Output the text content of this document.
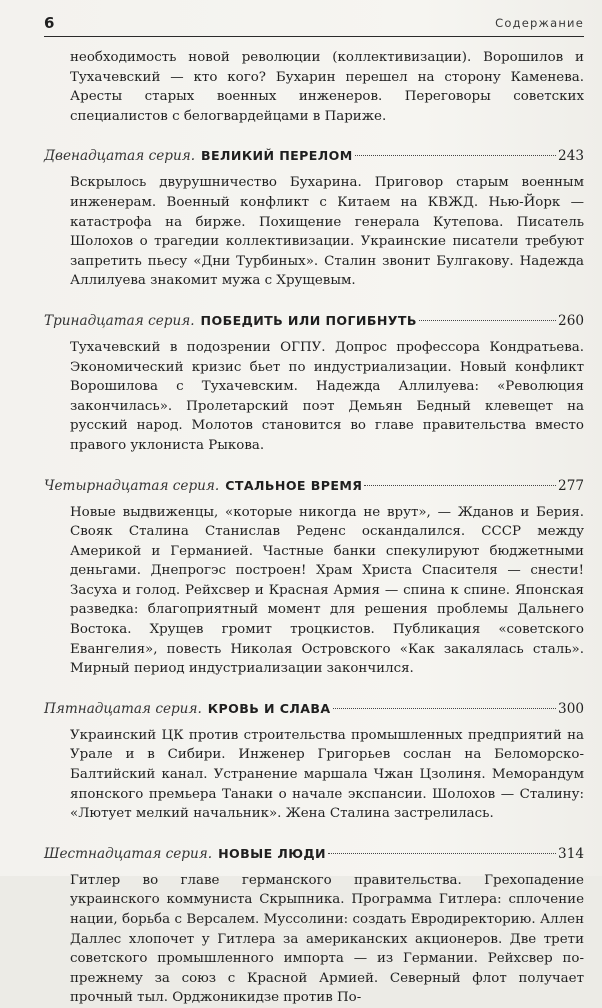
6	Содержание

необходимость новой революции (коллективизации). Ворошилов и Тухачевский — кто кого? Бухарин перешел на сторону Каменева. Аресты старых военных инженеров. Переговоры советских специалистов с белогвардейцами в Париже.

Двенадцатая серия. ВЕЛИКИЙ ПЕРЕЛОМ	243

Вскрылось двурушничество Бухарина. Приговор старым военным инженерам. Военный конфликт с Китаем на КВЖД. Нью-Йорк — катастрофа на бирже. Похищение генерала Кутепова. Писатель Шолохов о трагедии коллективизации. Украинские писатели требуют запретить пьесу «Дни Турбиных». Сталин звонит Булгакову. Надежда Аллилуева знакомит мужа с Хрущевым.

Тринадцатая серия. ПОБЕДИТЬ ИЛИ ПОГИБНУТЬ	260

Тухачевский в подозрении ОГПУ. Допрос профессора Кондратьева. Экономический кризис бьет по индустриализации. Новый конфликт Ворошилова с Тухачевским. Надежда Аллилуева: «Революция закончилась». Пролетарский поэт Демьян Бедный клевещет на русский народ. Молотов становится во главе правительства вместо правого уклониста Рыкова.

Четырнадцатая серия. СТАЛЬНОЕ ВРЕМЯ	277

Новые выдвиженцы, «которые никогда не врут», — Жданов и Берия. Свояк Сталина Станислав Реденс оскандалился. СССР между Америкой и Германией. Частные банки спекулируют бюджетными деньгами. Днепрогэс построен! Храм Христа Спасителя — снести! Засуха и голод. Рейхсвер и Красная Армия — спина к спине. Японская разведка: благоприятный момент для решения проблемы Дальнего Востока. Хрущев громит троцкистов. Публикация «советского Евангелия», повесть Николая Островского «Как закалялась сталь». Мирный период индустриализации закончился.

Пятнадцатая серия. КРОВЬ И СЛАВА	300

Украинский ЦК против строительства промышленных предприятий на Урале и в Сибири. Инженер Григорьев сослан на Беломорско-Балтийский канал. Устранение маршала Чжан Цзолиня. Меморандум японского премьера Танаки о начале экспансии. Шолохов — Сталину: «Лютует мелкий начальник». Жена Сталина застрелилась.

Шестнадцатая серия. НОВЫЕ ЛЮДИ	314

Гитлер во главе германского правительства. Грехопадение украинского коммуниста Скрыпника. Программа Гитлера: сплочение нации, борьба с Версалем. Муссолини: создать Евродиректорию. Аллен Даллес хлопочет у Гитлера за американских акционеров. Две трети советского промышленного импорта — из Германии. Рейхсвер по-прежнему за союз с Красной Армией. Северный флот получает прочный тыл. Орджоникидзе против По-
